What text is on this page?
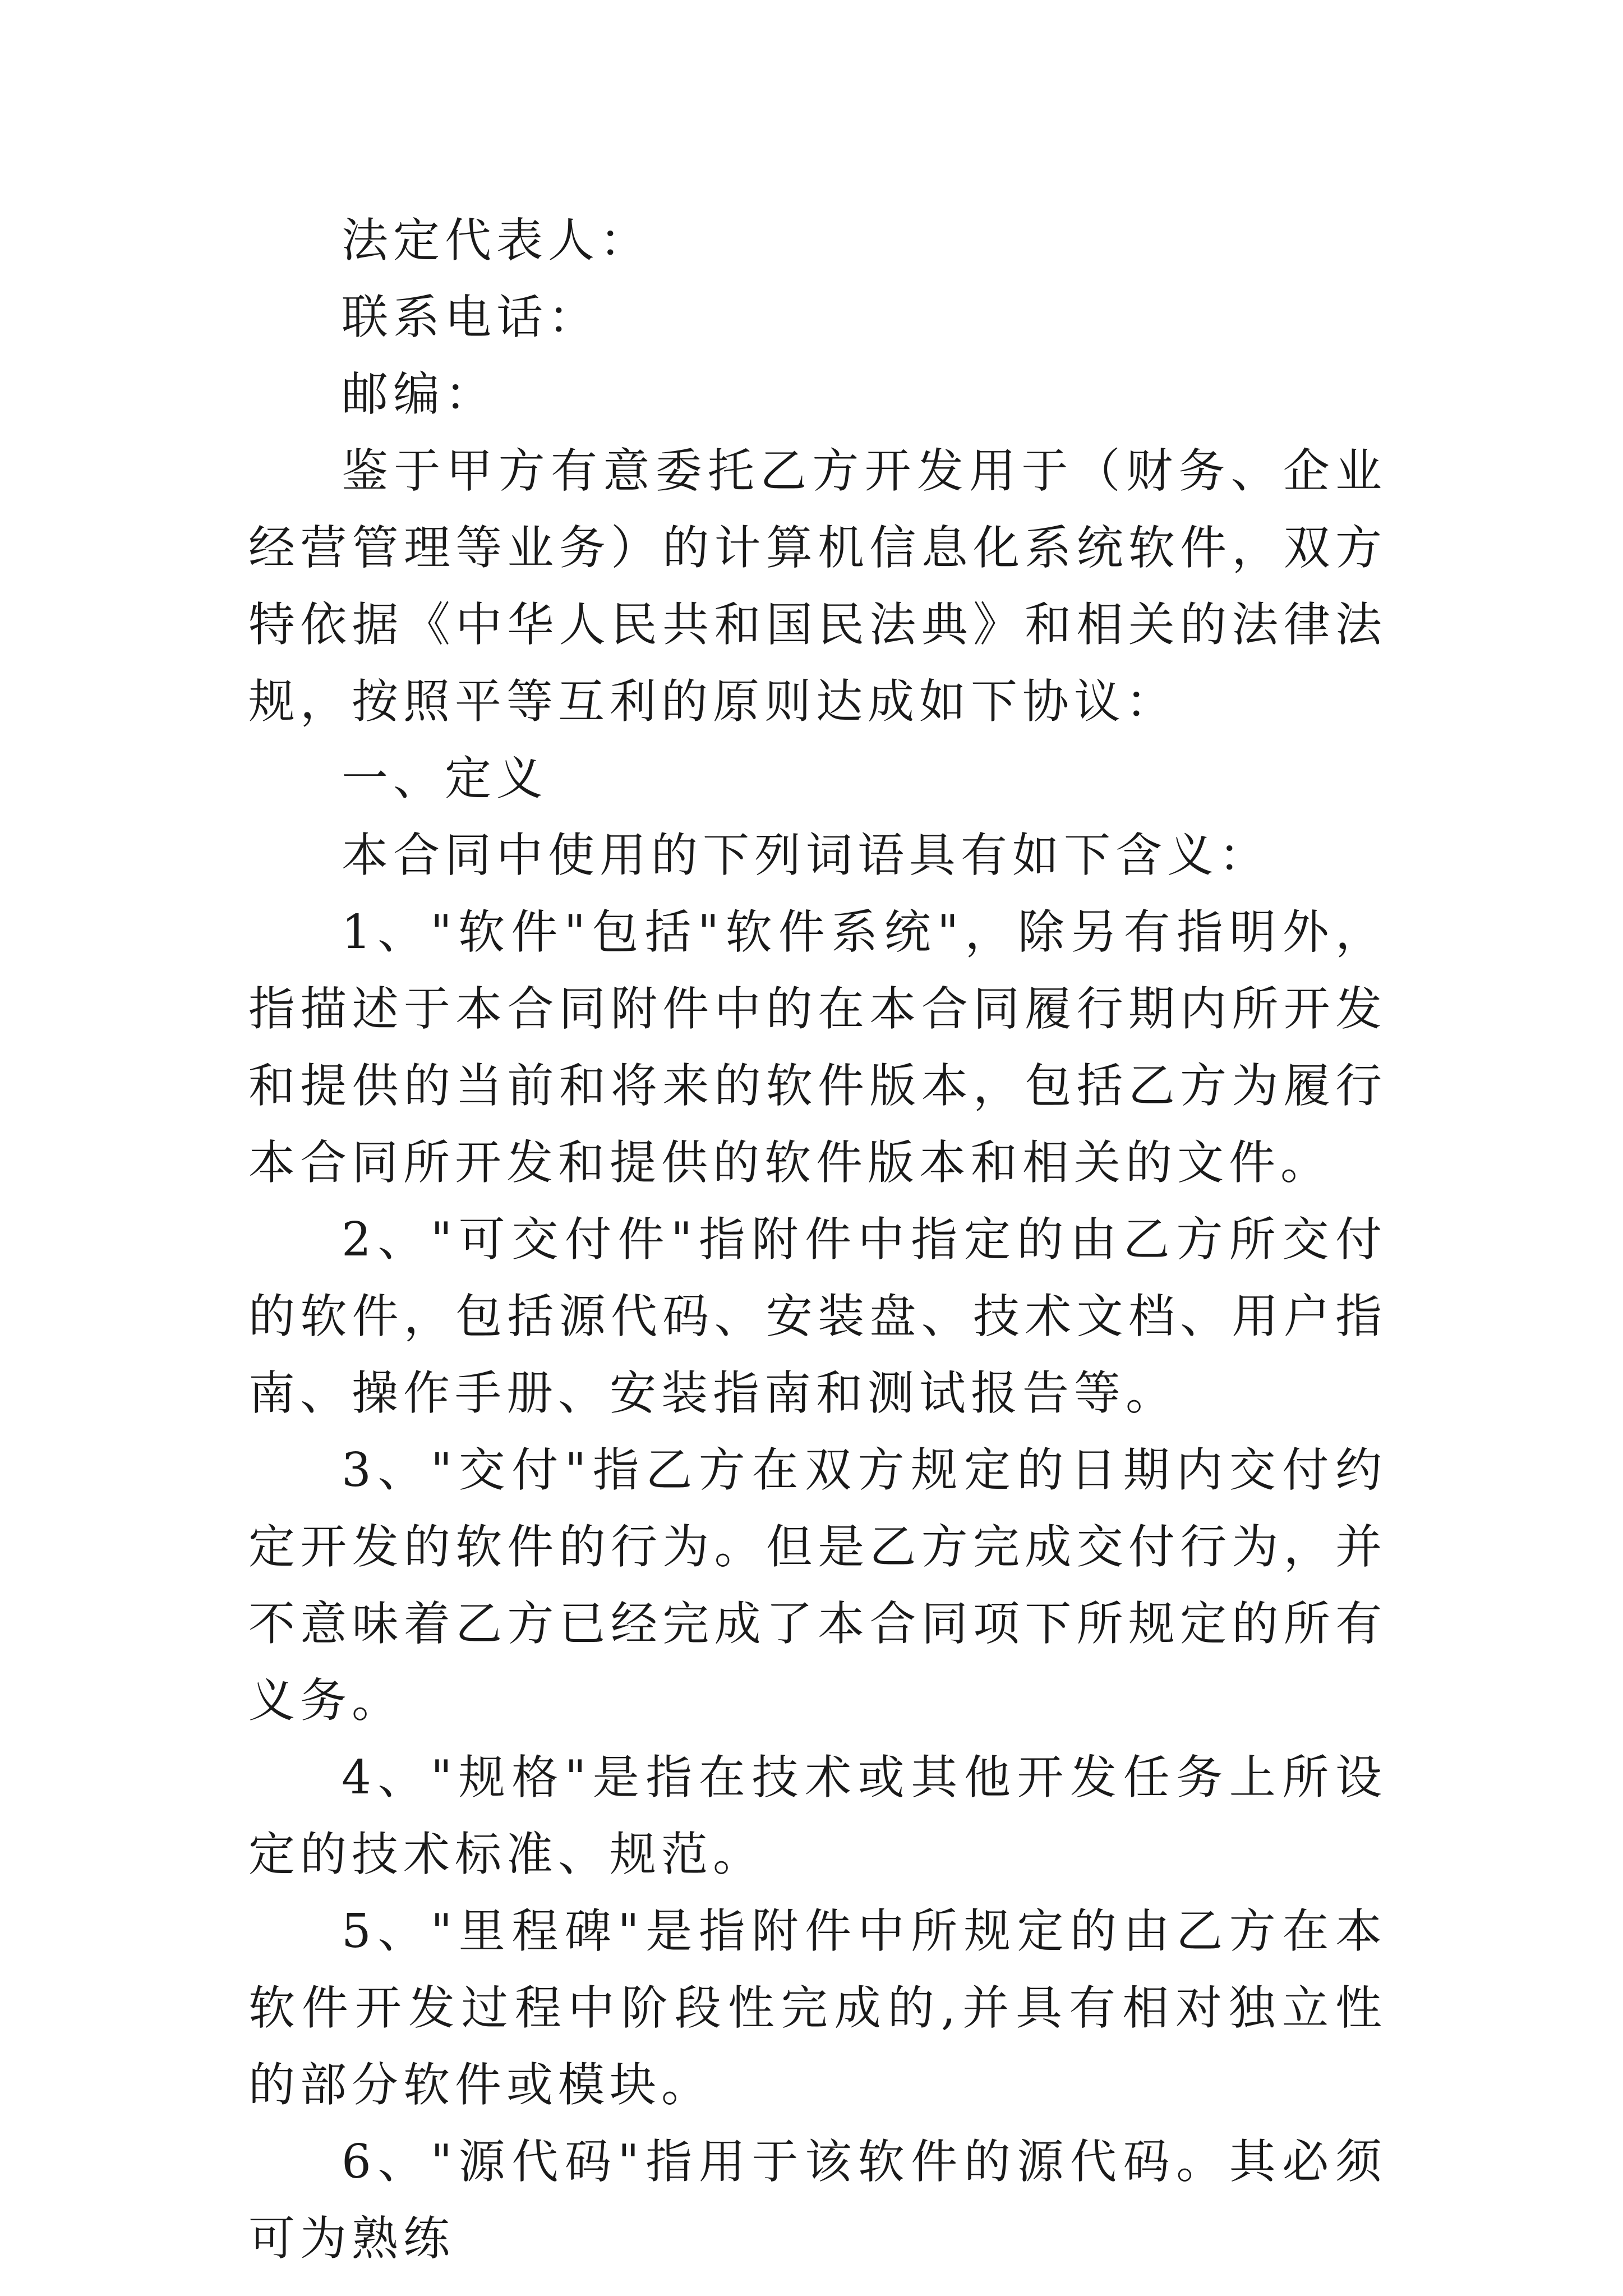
法定代表人：

联系电话：

邮编：

鉴于甲方有意委托乙方开发用于（财务、企业经营管理等业务）的计算机信息化系统软件，双方特依据《中华人民共和国民法典》和相关的法律法规，按照平等互利的原则达成如下协议：

一、定义

本合同中使用的下列词语具有如下含义：

1、"软件"包括"软件系统"，除另有指明外，指描述于本合同附件中的在本合同履行期内所开发和提供的当前和将来的软件版本，包括乙方为履行本合同所开发和提供的软件版本和相关的文件。

2、"可交付件"指附件中指定的由乙方所交付的软件，包括源代码、安装盘、技术文档、用户指南、操作手册、安装指南和测试报告等。

3、"交付"指乙方在双方规定的日期内交付约定开发的软件的行为。但是乙方完成交付行为，并不意味着乙方已经完成了本合同项下所规定的所有义务。

4、"规格"是指在技术或其他开发任务上所设定的技术标准、规范。

5、"里程碑"是指附件中所规定的由乙方在本软件开发过程中阶段性完成的,并具有相对独立性的部分软件或模块。

6、"源代码"指用于该软件的源代码。其必须可为熟练
